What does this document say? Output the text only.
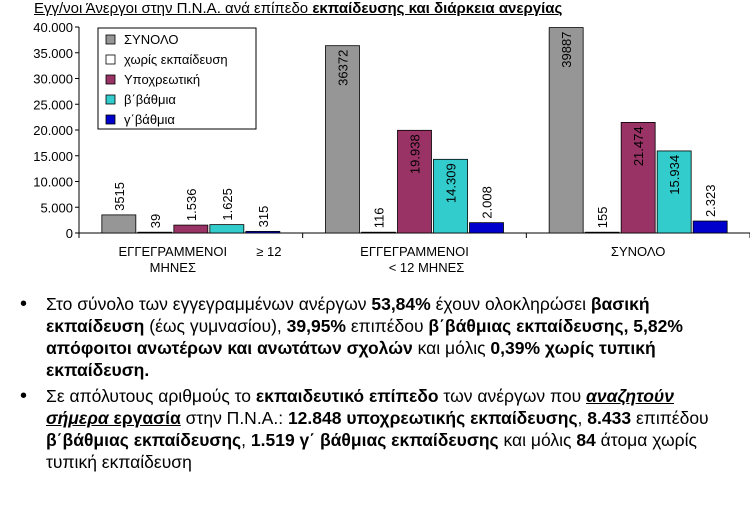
Εγγ/νοι Άνεργοι στην Π.Ν.Α. ανά επίπεδο εκπαίδευσης και διάρκεια ανεργίας
0
5.000
10.000
15.000
20.000
25.000
30.000
35.000
40.000
3515
39 1.536 1.625 315
ΕΓΓΕΓΡΑΜΜΕΝΟΙ ≥ 12
ΜΗΝΕΣ
36372
116
19.938
14.309 2.008
ΕΓΓΕΓΡΑΜΜΕΝΟΙ
< 12 ΜΗΝΕΣ
39887
155
21.474
15.934
2.323
ΣΥΝΟΛΟ
ΣΥΝΟΛΟ
χωρίς εκπαίδευση
Υποχρεωτική
β΄βάθμια
γ΄βάθμια
• Στο σύνολο των εγγεγραμμένων ανέργων 53,84% έχουν ολοκληρώσει βασική εκπαίδευση (έως γυμνασίου), 39,95% επιπέδου β΄βάθμιας εκπαίδευσης, 5,82% απόφοιτοι ανωτέρων και ανωτάτων σχολών και μόλις 0,39% χωρίς τυπική εκπαίδευση.
• Σε απόλυτους αριθμούς το εκπαιδευτικό επίπεδο των ανέργων που αναζητούν σήμερα εργασία στην Π.Ν.Α.: 12.848 υποχρεωτικής εκπαίδευσης, 8.433 επιπέδου β΄βάθμιας εκπαίδευσης, 1.519 γ΄ βάθμιας εκπαίδευσης και μόλις 84 άτομα χωρίς τυπική εκπαίδευση
